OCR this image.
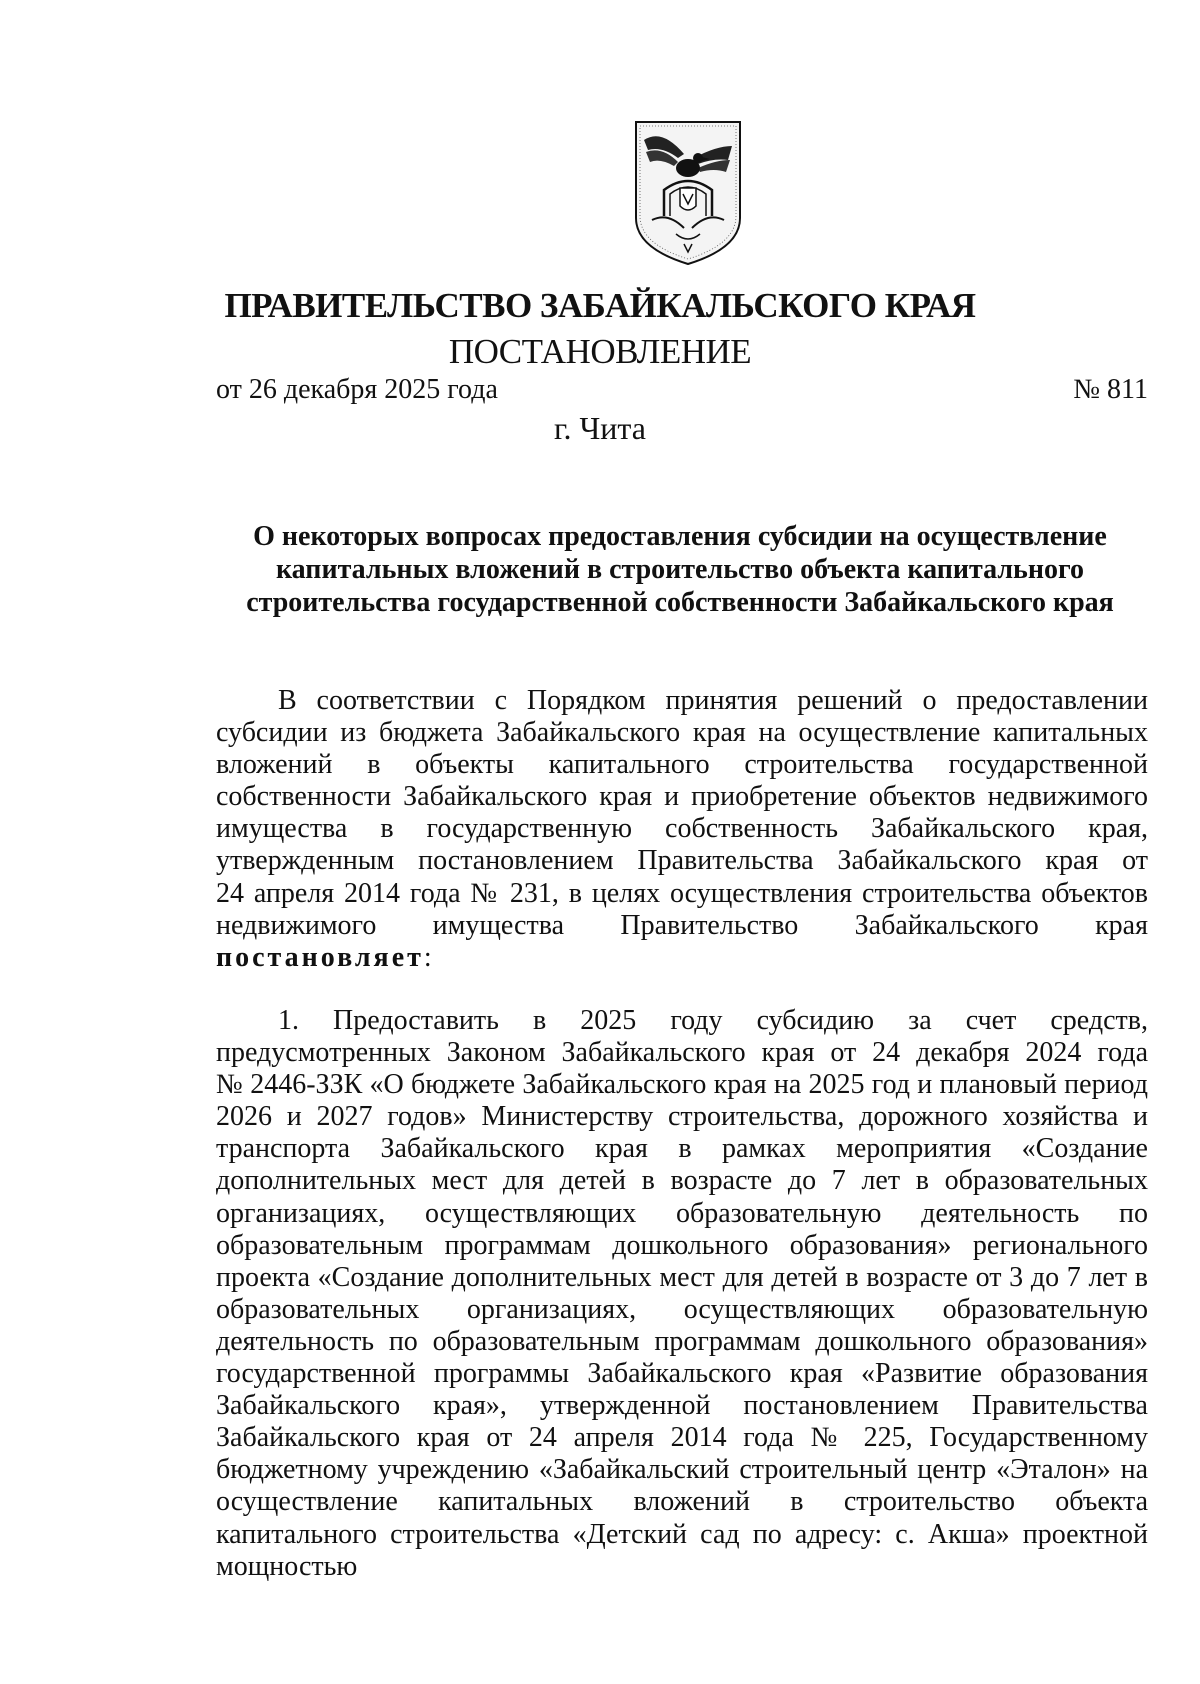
ПРАВИТЕЛЬСТВО ЗАБАЙКАЛЬСКОГО КРАЯ
ПОСТАНОВЛЕНИЕ
от 26 декабря 2025 года	№ 811
г. Чита
О некоторых вопросах предоставления субсидии на осуществление
капитальных вложений в строительство объекта капитального
строительства государственной собственности Забайкальского края
В соответствии с Порядком принятия решений о предоставлении
субсидии из бюджета Забайкальского края на осуществление капитальных
вложений в объекты капитального строительства государственной
собственности Забайкальского края и приобретение объектов недвижимого
имущества в государственную собственность Забайкальского края,
утвержденным постановлением Правительства Забайкальского края от
24 апреля 2014 года № 231, в целях осуществления строительства объектов
недвижимого имущества Правительство Забайкальского края
постановляет:
1. Предоставить в 2025 году субсидию за счет средств,
предусмотренных Законом Забайкальского края от 24 декабря 2024 года
№ 2446-ЗЗК «О бюджете Забайкальского края на 2025 год и плановый период
2026 и 2027 годов» Министерству строительства, дорожного хозяйства и
транспорта Забайкальского края в рамках мероприятия «Создание
дополнительных мест для детей в возрасте до 7 лет в образовательных
организациях, осуществляющих образовательную деятельность по
образовательным программам дошкольного образования» регионального
проекта «Создание дополнительных мест для детей в возрасте от 3 до 7 лет в
образовательных организациях, осуществляющих образовательную
деятельность по образовательным программам дошкольного образования»
государственной программы Забайкальского края «Развитие образования
Забайкальского края», утвержденной постановлением Правительства
Забайкальского края от 24 апреля 2014 года № 225, Государственному
бюджетному учреждению «Забайкальский строительный центр «Эталон» на
осуществление капитальных вложений в строительство объекта
капитального строительства «Детский сад по адресу: с. Акша» проектной
мощностью
